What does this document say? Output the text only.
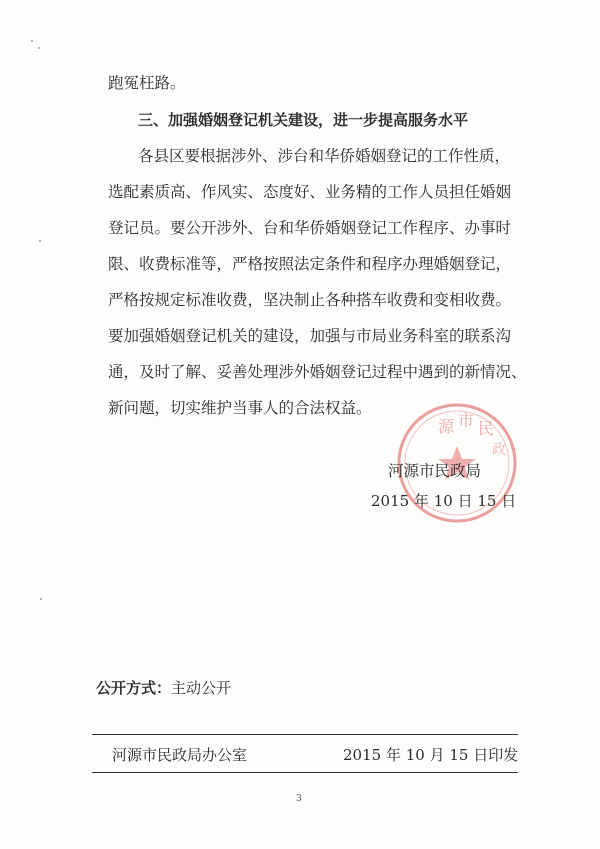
跑冤枉路。
三、加强婚姻登记机关建设，进一步提高服务水平
各县区要根据涉外、涉台和华侨婚姻登记的工作性质，
选配素质高、作风实、态度好、业务精的工作人员担任婚姻
登记员。要公开涉外、台和华侨婚姻登记工作程序、办事时
限、收费标准等，严格按照法定条件和程序办理婚姻登记，
严格按规定标准收费，坚决制止各种搭车收费和变相收费。
要加强婚姻登记机关的建设，加强与市局业务科室的联系沟
通，及时了解、妥善处理涉外婚姻登记过程中遇到的新情况、
新问题，切实维护当事人的合法权益。
源 市 民
政
河源市民政局
2015 年 10 日 15 日
公开方式：主动公开
河源市民政局办公室	2015 年 10 月 15 日印发
3
